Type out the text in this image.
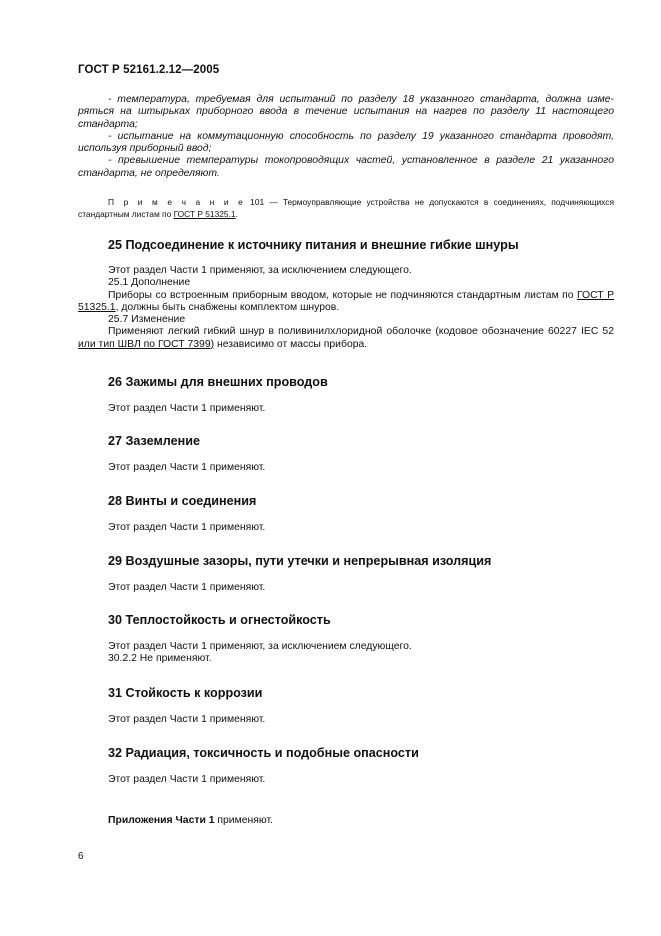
ГОСТ Р 52161.2.12—2005

- температура, требуемая для испытаний по разделу 18 указанного стандарта, должна изме-ряться на штырьках приборного ввода в течение испытания на нагрев по разделу 11 настоящего стандарта;

- испытание на коммутационную способность по разделу 19 указанного стандарта проводят, используя приборный ввод;

- превышение температуры токопроводящих частей, установленное в разделе 21 указанного стандарта, не определяют.

П р и м е ч а н и е 101 — Термоуправляющие устройства не допускаются в соединениях, подчиняющихся стандартным листам по ГОСТ Р 51325.1.
25 Подсоединение к источнику питания и внешние гибкие шнуры

Этот раздел Части 1 применяют, за исключением следующего.

25.1 Дополнение

Приборы со встроенным приборным вводом, которые не подчиняются стандартным листам по ГОСТ Р 51325.1, должны быть снабжены комплектом шнуров.

25.7 Изменение

Применяют легкий гибкий шнур в поливинилхлоридной оболочке (кодовое обозначение 60227 IEC 52 или тип ШВЛ по ГОСТ 7399) независимо от массы прибора.

26 Зажимы для внешних проводов

Этот раздел Части 1 применяют.

27 Заземление

Этот раздел Части 1 применяют.

28 Винты и соединения

Этот раздел Части 1 применяют.

29 Воздушные зазоры, пути утечки и непрерывная изоляция

Этот раздел Части 1 применяют.

30 Теплостойкость и огнестойкость

Этот раздел Части 1 применяют, за исключением следующего.

30.2.2 Не применяют.

31 Стойкость к коррозии

Этот раздел Части 1 применяют.

32 Радиация, токсичность и подобные опасности

Этот раздел Части 1 применяют.

Приложения Части 1 применяют.
6
